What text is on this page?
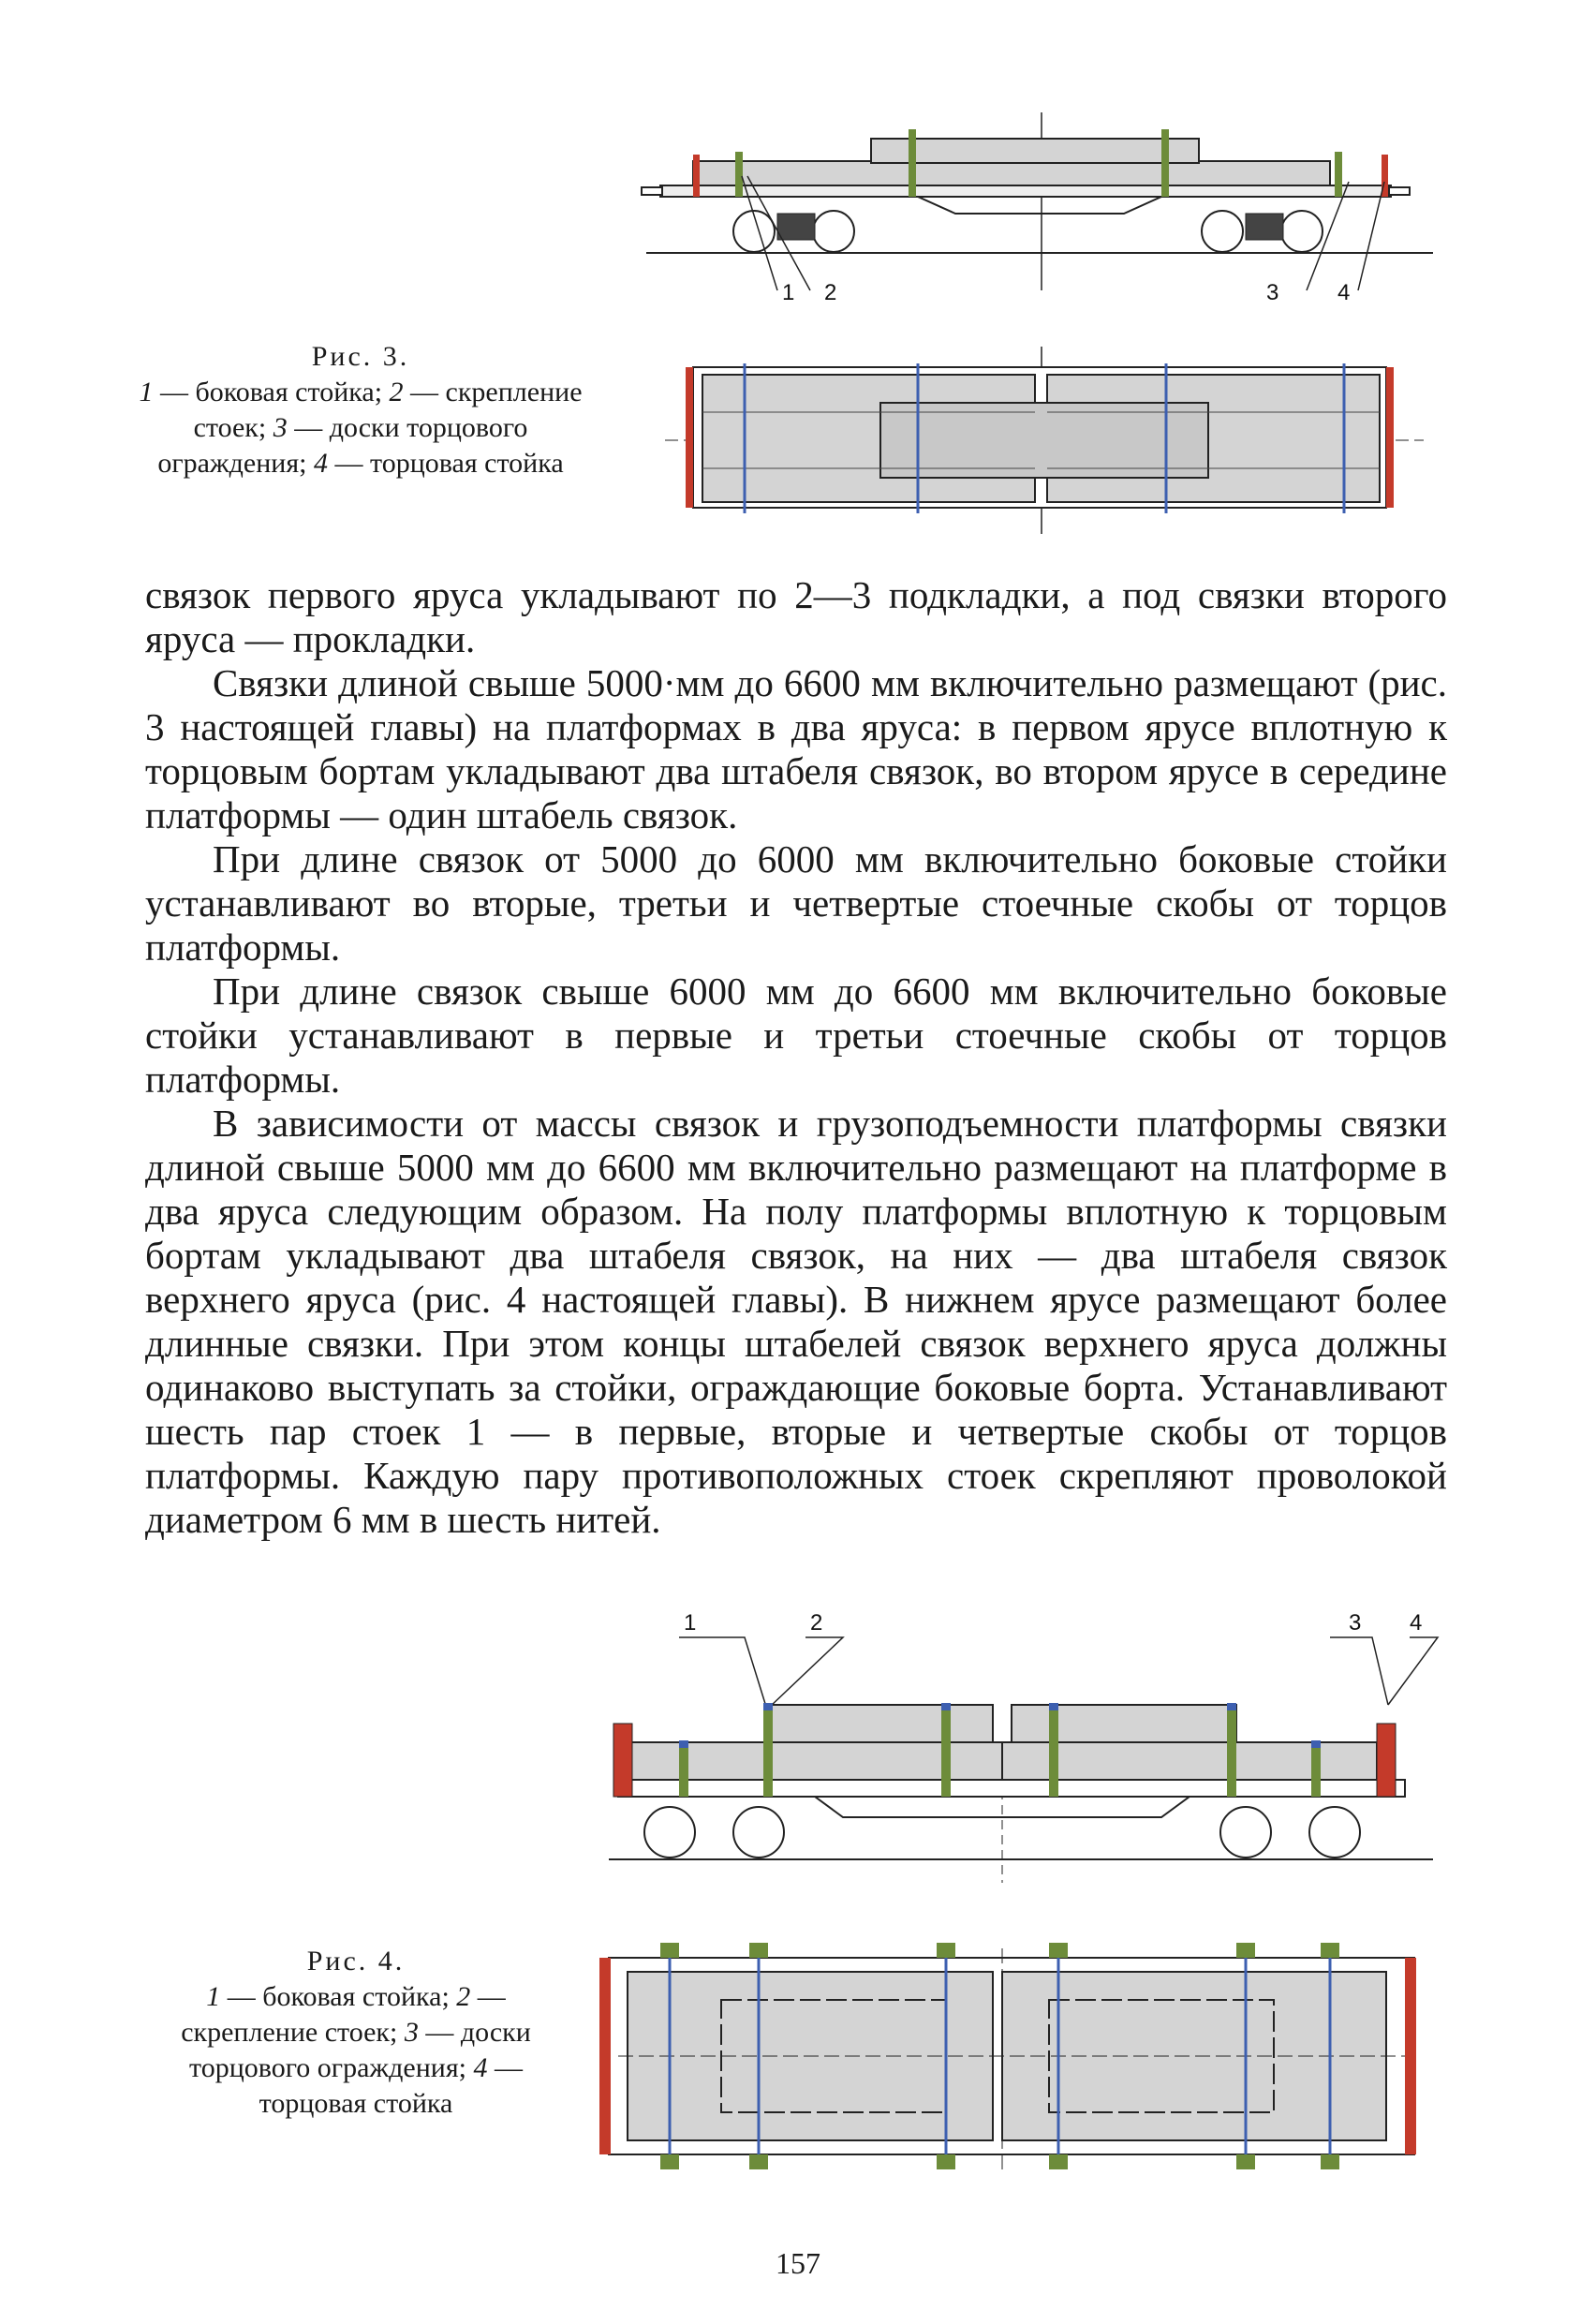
1 2	3	4
Рис. 3.
1 — боковая стойка; 2 — скрепление стоек; 3 — доски торцового ограждения; 4 — торцовая стойка

связок первого яруса укладывают по 2—3 подкладки, а под связки второго яруса — прокладки.

Связки длиной свыше 5000·мм до 6600 мм включительно размещают (рис. 3 настоящей главы) на платформах в два яруса: в первом ярусе вплотную к торцовым бортам укладывают два штабеля связок, во втором ярусе в середине платформы — один штабель связок.

При длине связок от 5000 до 6000 мм включительно боковые стойки устанавливают во вторые, третьи и четвертые стоечные скобы от торцов платформы.

При длине связок свыше 6000 мм до 6600 мм включительно боковые стойки устанавливают в первые и третьи стоечные скобы от торцов платформы.

В зависимости от массы связок и грузоподъемности платформы связки длиной свыше 5000 мм до 6600 мм включительно размещают на платформе в два яруса следующим образом. На полу платформы вплотную к торцовым бортам укладывают два штабеля связок, на них — два штабеля связок верхнего яруса (рис. 4 настоящей главы). В нижнем ярусе размещают более длинные связки. При этом концы штабелей связок верхнего яруса должны одинаково выступать за стойки, ограждающие боковые борта. Устанавливают шесть пар стоек 1 — в первые, вторые и четвертые скобы от торцов платформы. Каждую пару противоположных стоек скрепляют проволокой диаметром 6 мм в шесть нитей.

1	2	3 4
Рис. 4.
1 — боковая стойка; 2 — скрепление стоек; 3 — доски торцового ограждения; 4 — торцовая стойка
157
